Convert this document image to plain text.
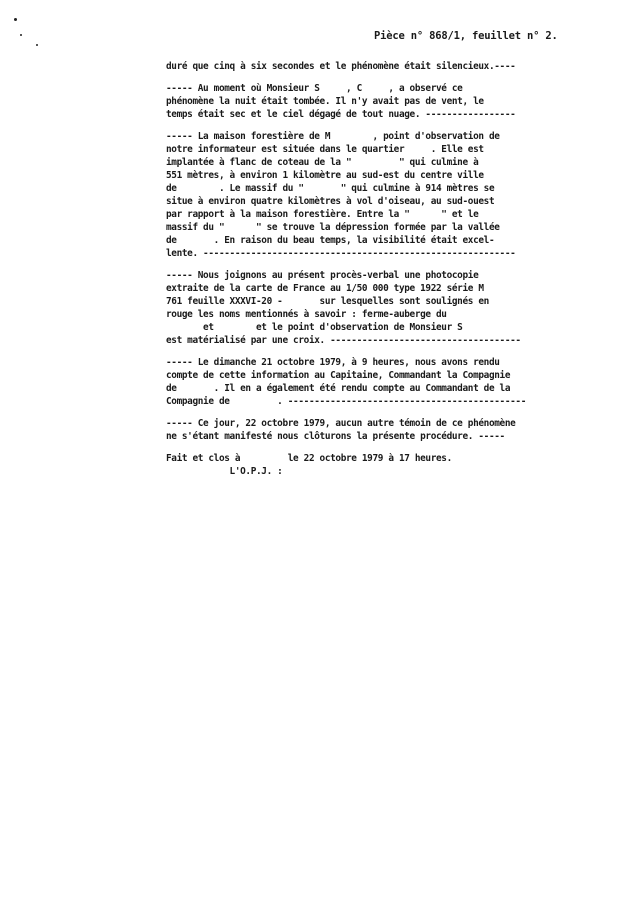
Pièce n° 868/1, feuillet n° 2.
duré que cinq à six secondes et le phénomène était silencieux.----
----- Au moment où Monsieur S     , C     , a observé ce
phénomène la nuit était tombée. Il n'y avait pas de vent, le
temps était sec et le ciel dégagé de tout nuage. -----------------
----- La maison forestière de M        , point d'observation de
notre informateur est située dans le quartier     . Elle est
implantée à flanc de coteau de la "         " qui culmine à
551 mètres, à environ 1 kilomètre au sud-est du centre ville
de        . Le massif du "       " qui culmine à 914 mètres se
situe à environ quatre kilomètres à vol d'oiseau, au sud-ouest
par rapport à la maison forestière. Entre la "      " et le
massif du "      " se trouve la dépression formée par la vallée
de       . En raison du beau temps, la visibilité était excel-
lente. -----------------------------------------------------------
----- Nous joignons au présent procès-verbal une photocopie
extraite de la carte de France au 1/50 000 type 1922 série M
761 feuille XXXVI-20 -       sur lesquelles sont soulignés en
rouge les noms mentionnés à savoir : ferme-auberge du
et        et le point d'observation de Monsieur S
est matérialisé par une croix. ------------------------------------
----- Le dimanche 21 octobre 1979, à 9 heures, nous avons rendu
compte de cette information au Capitaine, Commandant la Compagnie
de       . Il en a également été rendu compte au Commandant de la
Compagnie de         . ---------------------------------------------
----- Ce jour, 22 octobre 1979, aucun autre témoin de ce phénomène
ne s'étant manifesté nous clôturons la présente procédure. -----
Fait et clos à         le 22 octobre 1979 à 17 heures.
L'O.P.J. :
